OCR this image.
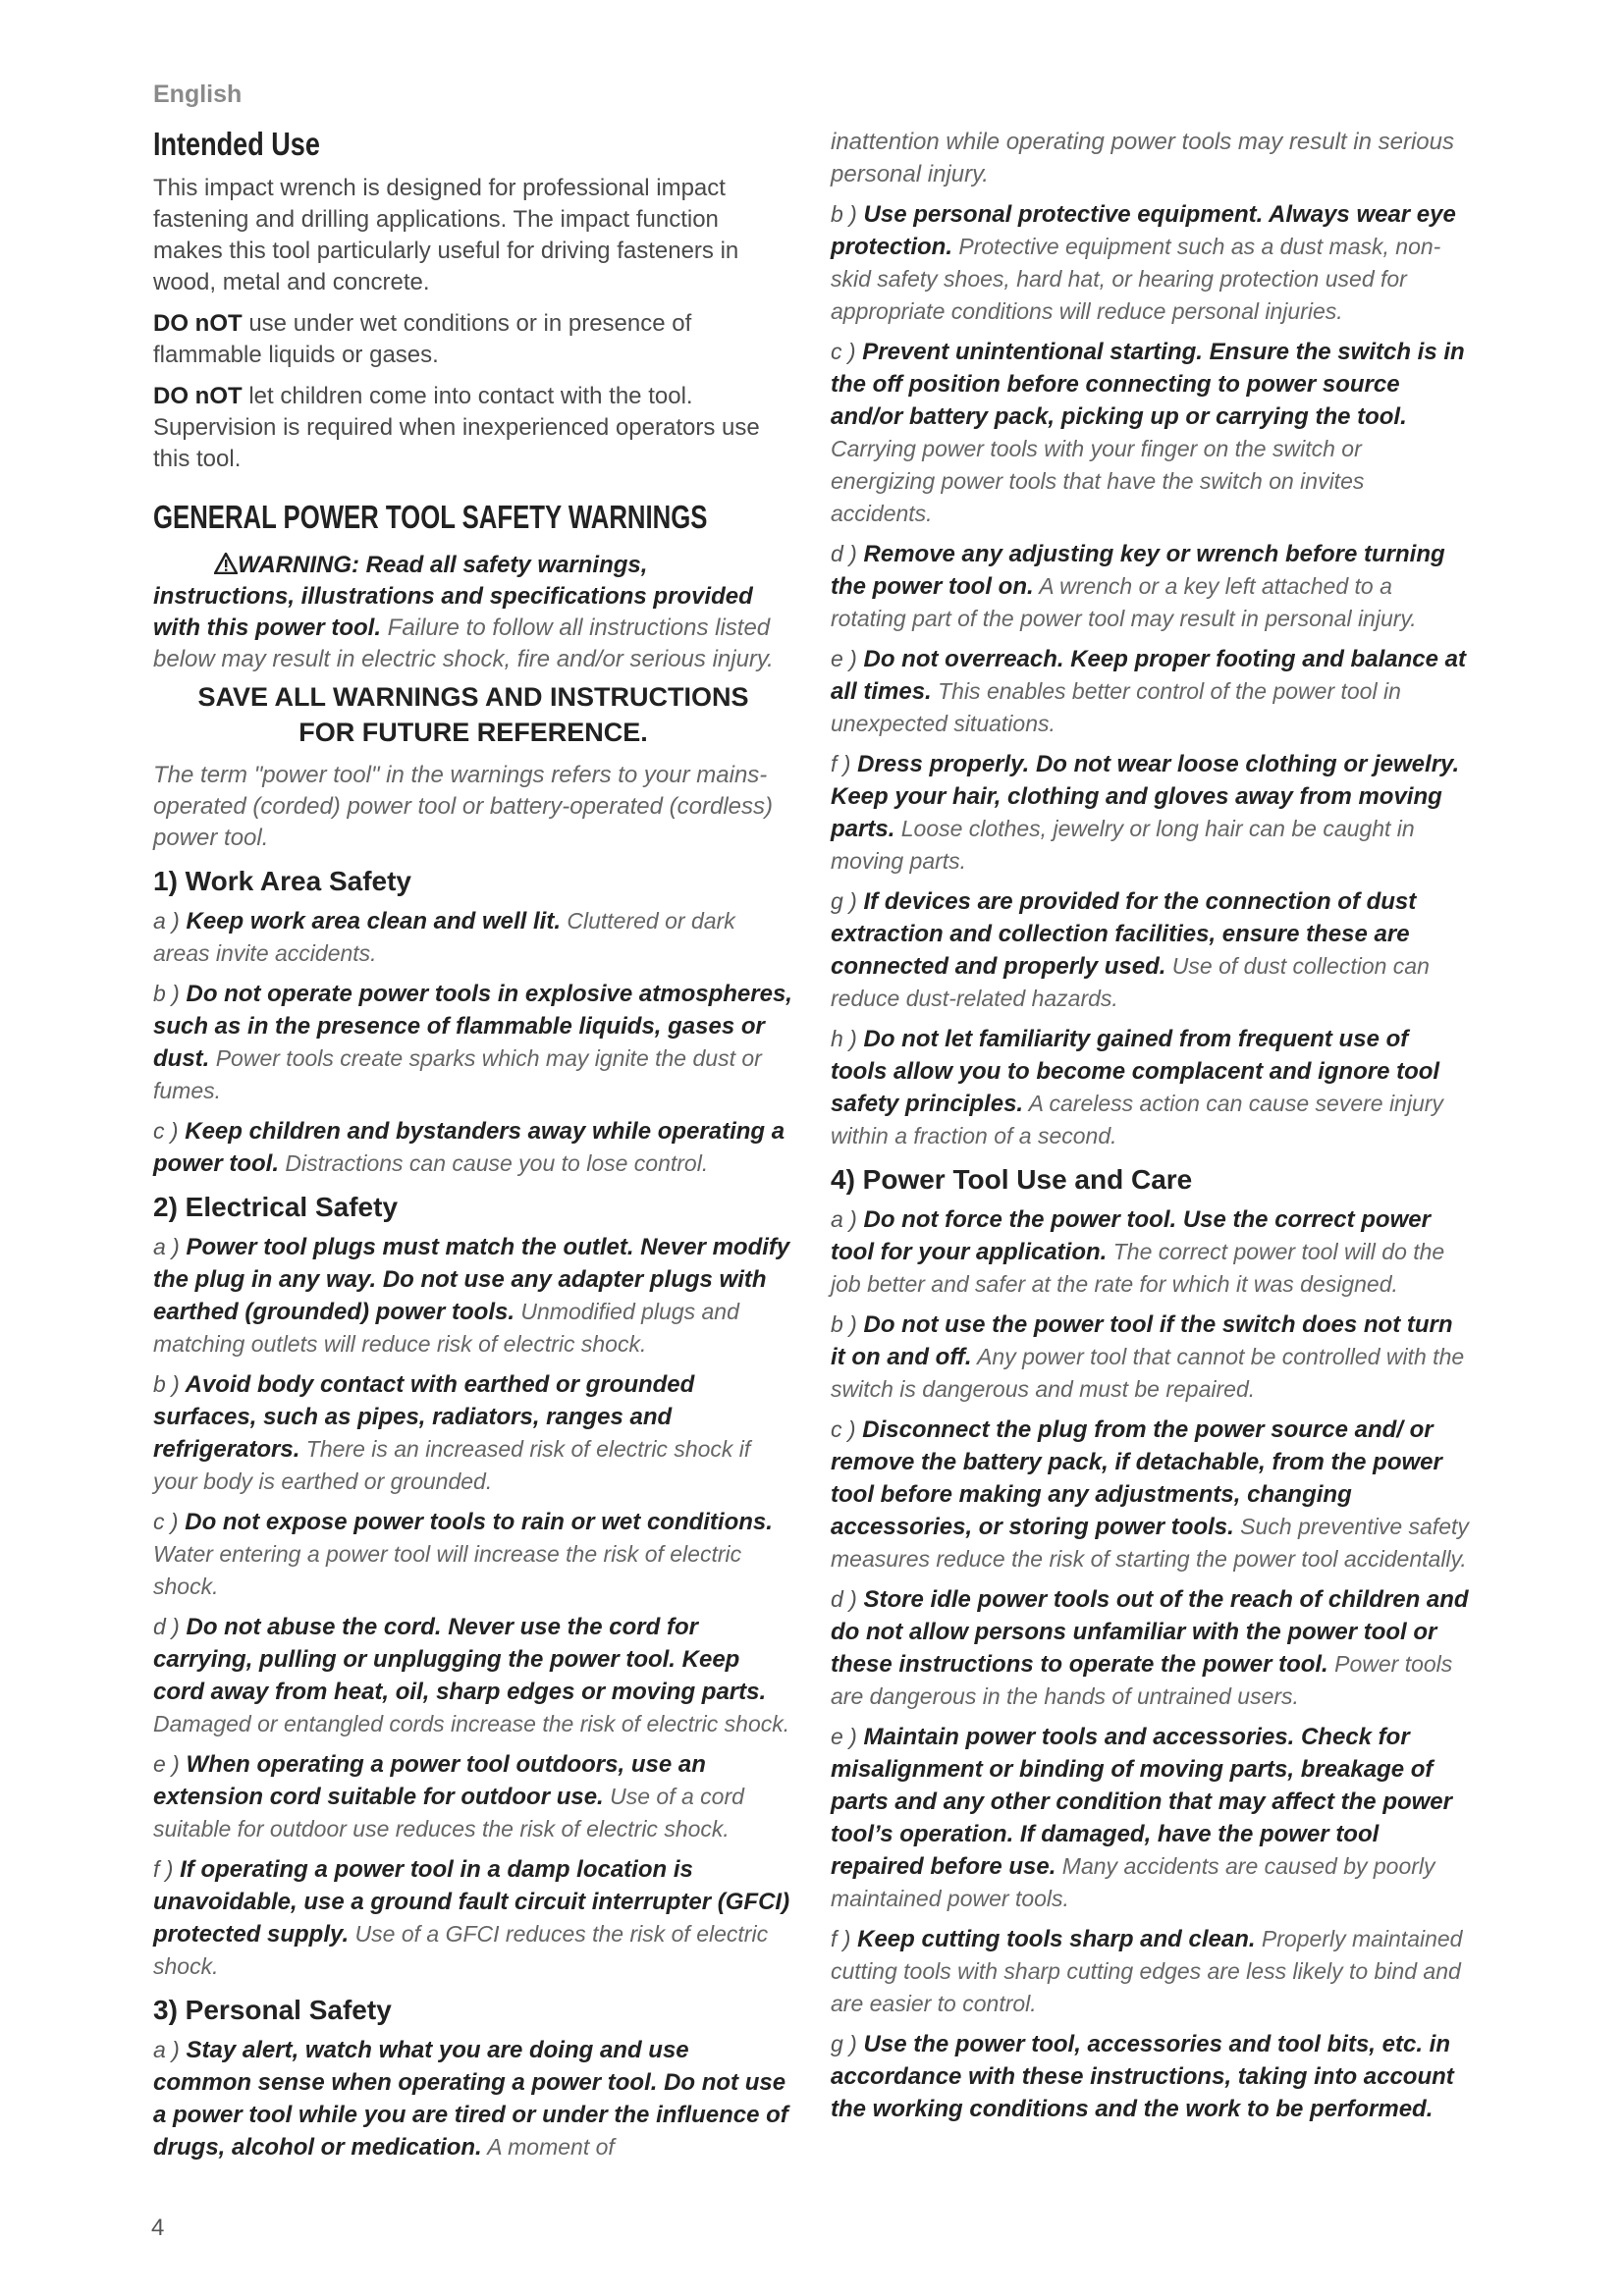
English
Intended Use

This impact wrench is designed for professional impact fastening and drilling applications. The impact function makes this tool particularly useful for driving fasteners in wood, metal and concrete.

DO nOT use under wet conditions or in presence of flammable liquids or gases.

DO nOT let children come into contact with the tool. Supervision is required when inexperienced operators use this tool.

GENERAL POWER TOOL SAFETY WARNINGS

WARNING: Read all safety warnings, instructions, illustrations and specifications provided with this power tool. Failure to follow all instructions listed below may result in electric shock, fire and/or serious injury.

SAVE ALL WARNINGS AND INSTRUCTIONS
FOR FUTURE REFERENCE.

The term "power tool" in the warnings refers to your mains-operated (corded) power tool or battery-operated (cordless) power tool.

1) Work Area Safety

a ) Keep work area clean and well lit. Cluttered or dark areas invite accidents.

b ) Do not operate power tools in explosive atmospheres, such as in the presence of flammable liquids, gases or dust. Power tools create sparks which may ignite the dust or fumes.

c ) Keep children and bystanders away while operating a power tool. Distractions can cause you to lose control.

2) Electrical Safety

a ) Power tool plugs must match the outlet. Never modify the plug in any way. Do not use any adapter plugs with earthed (grounded) power tools. Unmodified plugs and matching outlets will reduce risk of electric shock.

b ) Avoid body contact with earthed or grounded surfaces, such as pipes, radiators, ranges and refrigerators. There is an increased risk of electric shock if your body is earthed or grounded.

c ) Do not expose power tools to rain or wet conditions. Water entering a power tool will increase the risk of electric shock.

d ) Do not abuse the cord. Never use the cord for carrying, pulling or unplugging the power tool. Keep cord away from heat, oil, sharp edges or moving parts. Damaged or entangled cords increase the risk of electric shock.

e ) When operating a power tool outdoors, use an extension cord suitable for outdoor use. Use of a cord suitable for outdoor use reduces the risk of electric shock.

f ) If operating a power tool in a damp location is unavoidable, use a ground fault circuit interrupter (GFCI) protected supply. Use of a GFCI reduces the risk of electric shock.

3) Personal Safety

a ) Stay alert, watch what you are doing and use common sense when operating a power tool. Do not use a power tool while you are tired or under the influence of drugs, alcohol or medication. A moment of

inattention while operating power tools may result in serious personal injury.

b ) Use personal protective equipment. Always wear eye protection. Protective equipment such as a dust mask, non-skid safety shoes, hard hat, or hearing protection used for appropriate conditions will reduce personal injuries.

c ) Prevent unintentional starting. Ensure the switch is in the off position before connecting to power source and/or battery pack, picking up or carrying the tool. Carrying power tools with your finger on the switch or energizing power tools that have the switch on invites accidents.

d ) Remove any adjusting key or wrench before turning the power tool on. A wrench or a key left attached to a rotating part of the power tool may result in personal injury.

e ) Do not overreach. Keep proper footing and balance at all times. This enables better control of the power tool in unexpected situations.

f ) Dress properly. Do not wear loose clothing or jewelry. Keep your hair, clothing and gloves away from moving parts. Loose clothes, jewelry or long hair can be caught in moving parts.

g ) If devices are provided for the connection of dust extraction and collection facilities, ensure these are connected and properly used. Use of dust collection can reduce dust-related hazards.

h ) Do not let familiarity gained from frequent use of tools allow you to become complacent and ignore tool safety principles. A careless action can cause severe injury within a fraction of a second.

4) Power Tool Use and Care

a ) Do not force the power tool. Use the correct power tool for your application. The correct power tool will do the job better and safer at the rate for which it was designed.

b ) Do not use the power tool if the switch does not turn it on and off. Any power tool that cannot be controlled with the switch is dangerous and must be repaired.

c ) Disconnect the plug from the power source and/ or remove the battery pack, if detachable, from the power tool before making any adjustments, changing accessories, or storing power tools. Such preventive safety measures reduce the risk of starting the power tool accidentally.

d ) Store idle power tools out of the reach of children and do not allow persons unfamiliar with the power tool or these instructions to operate the power tool. Power tools are dangerous in the hands of untrained users.

e ) Maintain power tools and accessories. Check for misalignment or binding of moving parts, breakage of parts and any other condition that may affect the power tool’s operation. If damaged, have the power tool repaired before use. Many accidents are caused by poorly maintained power tools.

f ) Keep cutting tools sharp and clean. Properly maintained cutting tools with sharp cutting edges are less likely to bind and are easier to control.

g ) Use the power tool, accessories and tool bits, etc. in accordance with these instructions, taking into account the working conditions and the work to be performed.

4
